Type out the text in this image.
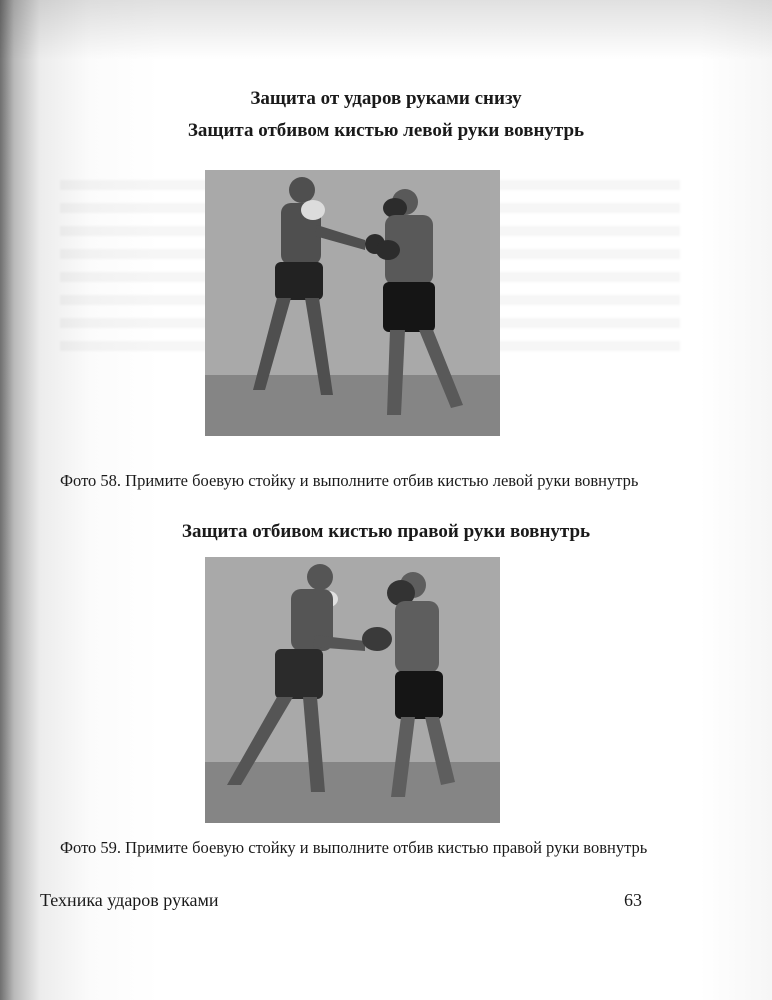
Защита от ударов руками снизу
Защита отбивом кистью левой руки вовнутрь
Фото 58. Примите боевую стойку и выполните отбив кистью левой руки вовнутрь
Защита отбивом кистью правой руки вовнутрь
Фото 59. Примите боевую стойку и выполните отбив кистью правой руки вовнутрь
Техника ударов руками	63
